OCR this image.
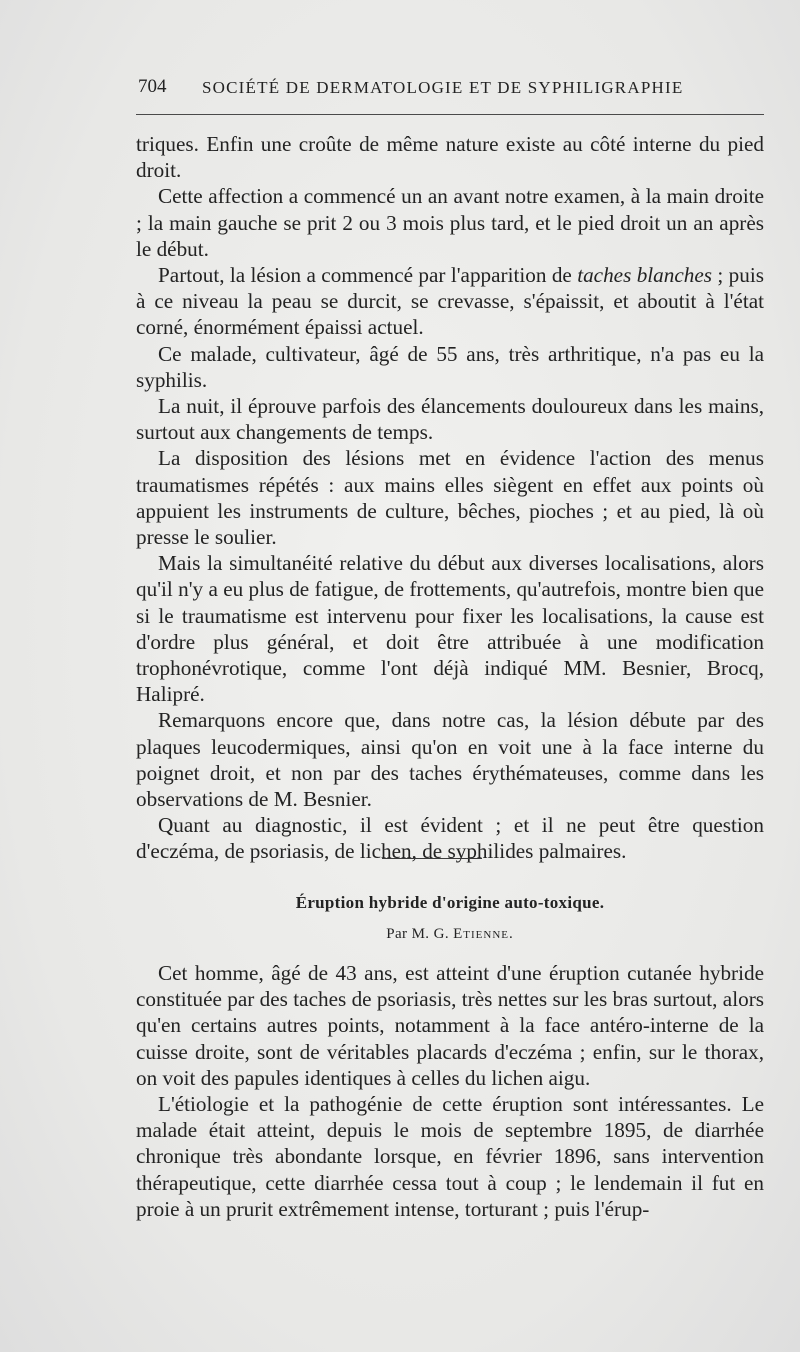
704 SOCIÉTÉ DE DERMATOLOGIE ET DE SYPHILIGRAPHIE

triques. Enfin une croûte de même nature existe au côté interne du pied droit.

Cette affection a commencé un an avant notre examen, à la main droite ; la main gauche se prit 2 ou 3 mois plus tard, et le pied droit un an après le début.

Partout, la lésion a commencé par l'apparition de taches blanches ; puis à ce niveau la peau se durcit, se crevasse, s'épaissit, et aboutit à l'état corné, énormément épaissi actuel.

Ce malade, cultivateur, âgé de 55 ans, très arthritique, n'a pas eu la syphilis.

La nuit, il éprouve parfois des élancements douloureux dans les mains, surtout aux changements de temps.

La disposition des lésions met en évidence l'action des menus traumatismes répétés : aux mains elles siègent en effet aux points où appuient les instruments de culture, bêches, pioches ; et au pied, là où presse le soulier.

Mais la simultanéité relative du début aux diverses localisations, alors qu'il n'y a eu plus de fatigue, de frottements, qu'autrefois, montre bien que si le traumatisme est intervenu pour fixer les localisations, la cause est d'ordre plus général, et doit être attribuée à une modification trophonévrotique, comme l'ont déjà indiqué MM. Besnier, Brocq, Halipré.

Remarquons encore que, dans notre cas, la lésion débute par des plaques leucodermiques, ainsi qu'on en voit une à la face interne du poignet droit, et non par des taches érythémateuses, comme dans les observations de M. Besnier.

Quant au diagnostic, il est évident ; et il ne peut être question d'eczéma, de psoriasis, de lichen, de syphilides palmaires.

Éruption hybride d'origine auto-toxique.
Par M. G. Etienne.

Cet homme, âgé de 43 ans, est atteint d'une éruption cutanée hybride constituée par des taches de psoriasis, très nettes sur les bras surtout, alors qu'en certains autres points, notamment à la face antéro-interne de la cuisse droite, sont de véritables placards d'eczéma ; enfin, sur le thorax, on voit des papules identiques à celles du lichen aigu.

L'étiologie et la pathogénie de cette éruption sont intéressantes. Le malade était atteint, depuis le mois de septembre 1895, de diarrhée chronique très abondante lorsque, en février 1896, sans intervention thérapeutique, cette diarrhée cessa tout à coup ; le lendemain il fut en proie à un prurit extrêmement intense, torturant ; puis l'érup-
